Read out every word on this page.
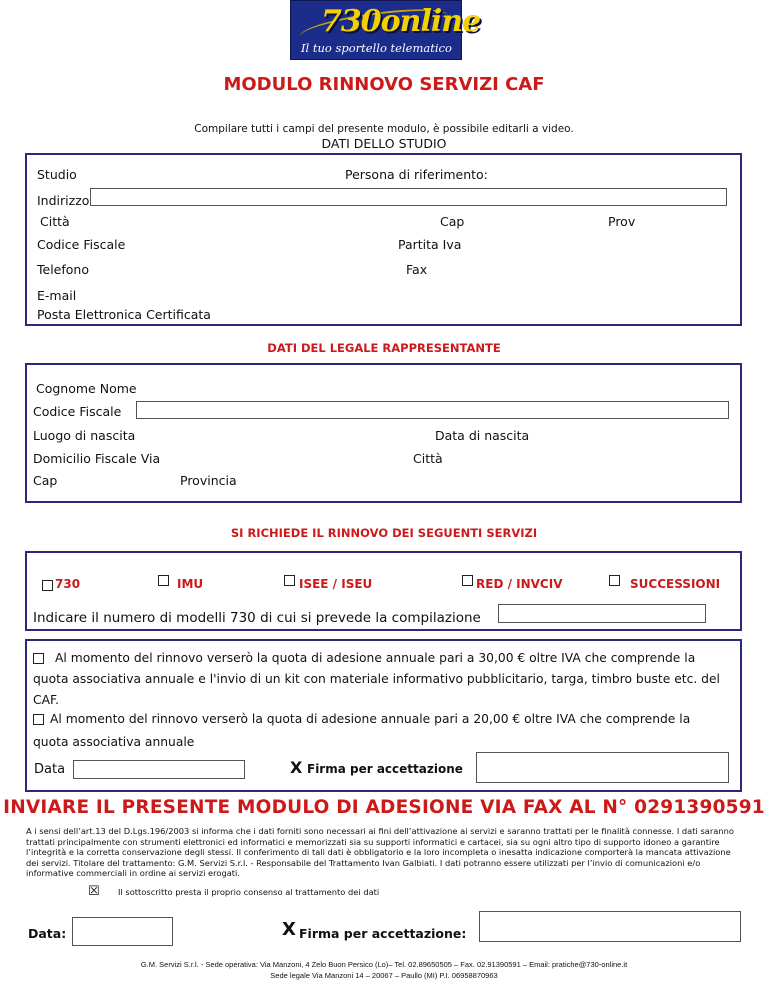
730online
Il tuo sportello telematico
MODULO RINNOVO SERVIZI CAF
Compilare tutti i campi del presente modulo, è possibile editarli a video.
DATI DELLO STUDIO
Studio	Persona di riferimento:
Indirizzo
Città	Cap	Prov
Codice Fiscale	Partita Iva
Telefono	Fax
E-mail
Posta Elettronica Certificata
DATI DEL LEGALE RAPPRESENTANTE
Cognome Nome
Codice Fiscale
Luogo di nascita	Data di nascita
Domicilio Fiscale Via	Città
Cap	Provincia
SI RICHIEDE IL RINNOVO DEI SEGUENTI SERVIZI
730	IMU	ISEE / ISEU	RED / INVCIV	SUCCESSIONI
Indicare il numero di modelli 730 di cui si prevede la compilazione
Al momento del rinnovo verserò la quota di adesione annuale pari a 30,00 € oltre IVA che comprende la
quota associativa annuale e l'invio di un kit con materiale informativo pubblicitario, targa, timbro buste etc. del
CAF.
Al momento del rinnovo verserò la quota di adesione annuale pari a 20,00 € oltre IVA che comprende la
quota associativa annuale
Data	X Firma per accettazione
INVIARE IL PRESENTE MODULO DI ADESIONE VIA FAX AL N° 0291390591
A i sensi dell’art.13 del D.Lgs.196/2003 si informa che i dati forniti sono necessari ai fini dell’attivazione ai servizi e saranno trattati per le finalità connesse. I dati saranno trattati principalmente con strumenti elettronici ed informatici e memorizzati sia su supporti informatici e cartacei, sia su ogni altro tipo di supporto idoneo a garantire l’integrità e la corretta conservazione degli stessi. Il conferimento di tali dati è obbligatorio e la loro incompleta o inesatta indicazione comporterà la mancata attivazione dei servizi. Titolare del trattamento: G.M. Servizi S.r.l. - Responsabile del Trattamento Ivan Galbiati. I dati potranno essere utilizzati per l’invio di comunicazioni e/o informative commerciali in ordine ai servizi erogati.
☒ Il sottoscritto presta il proprio consenso al trattamento dei dati
Data:	X Firma per accettazione:
G.M. Servizi S.r.l. - Sede operativa: Via Manzoni, 4 Zelo Buon Persico (Lo)– Tel. 02.89650505 – Fax. 02.91390591 – Email: pratiche@730-online.it
Sede legale Via Manzoni 14 – 20067 – Paullo (MI) P.I. 06958870963
